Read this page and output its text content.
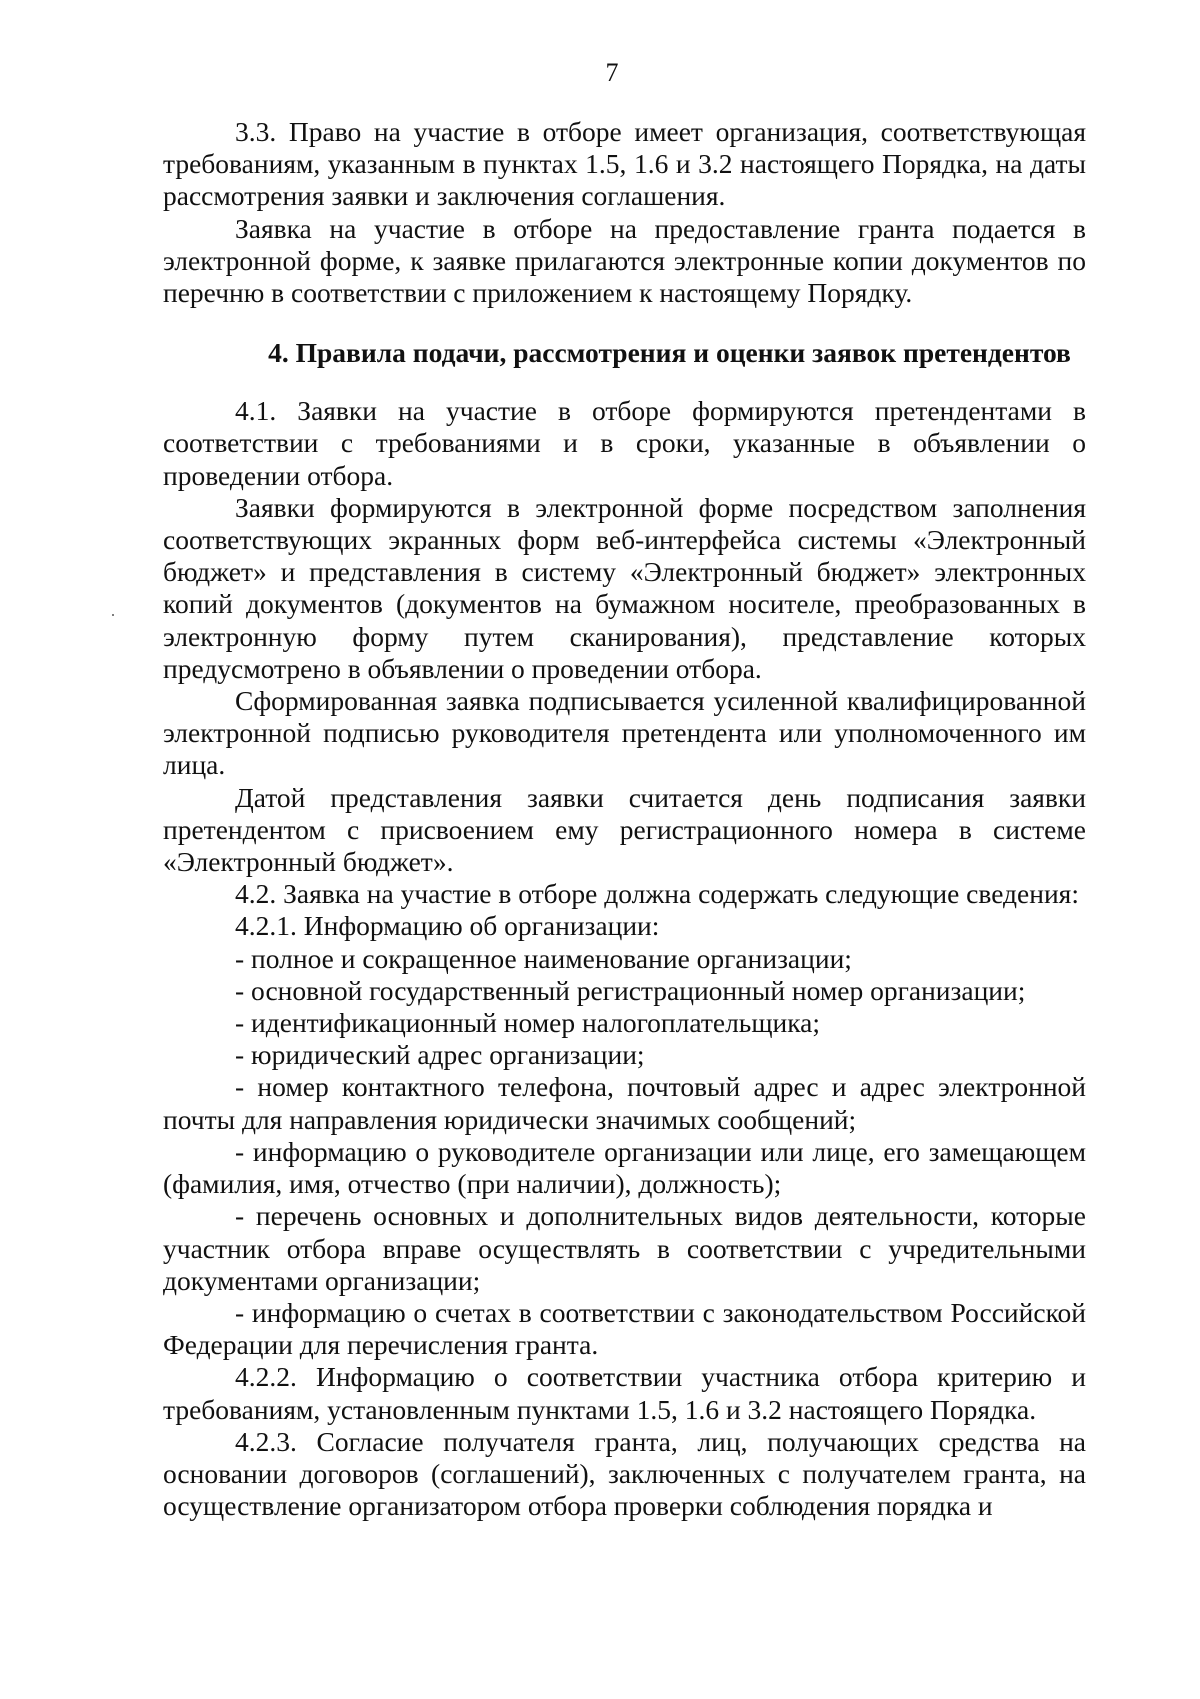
7

3.3. Право на участие в отборе имеет организация, соответствующая требованиям, указанным в пунктах 1.5, 1.6 и 3.2 настоящего Порядка, на даты рассмотрения заявки и заключения соглашения.

Заявка на участие в отборе на предоставление гранта подается в электронной форме, к заявке прилагаются электронные копии документов по перечню в соответствии с приложением к настоящему Порядку.

4. Правила подачи, рассмотрения и оценки заявок претендентов

4.1. Заявки на участие в отборе формируются претендентами в соответствии с требованиями и в сроки, указанные в объявлении о проведении отбора.

Заявки формируются в электронной форме посредством заполнения соответствующих экранных форм веб-интерфейса системы «Электронный бюджет» и представления в систему «Электронный бюджет» электронных копий документов (документов на бумажном носителе, преобразованных в электронную форму путем сканирования), представление которых предусмотрено в объявлении о проведении отбора.

Сформированная заявка подписывается усиленной квалифицированной электронной подписью руководителя претендента или уполномоченного им лица.

Датой представления заявки считается день подписания заявки претендентом с присвоением ему регистрационного номера в системе «Электронный бюджет».

4.2. Заявка на участие в отборе должна содержать следующие сведения:

4.2.1. Информацию об организации:

- полное и сокращенное наименование организации;

- основной государственный регистрационный номер организации;

- идентификационный номер налогоплательщика;

- юридический адрес организации;

- номер контактного телефона, почтовый адрес и адрес электронной почты для направления юридически значимых сообщений;

- информацию о руководителе организации или лице, его замещающем (фамилия, имя, отчество (при наличии), должность);

- перечень основных и дополнительных видов деятельности, которые участник отбора вправе осуществлять в соответствии с учредительными документами организации;

- информацию о счетах в соответствии с законодательством Российской Федерации для перечисления гранта.

4.2.2. Информацию о соответствии участника отбора критерию и требованиям, установленным пунктами 1.5, 1.6 и 3.2 настоящего Порядка.

4.2.3. Согласие получателя гранта, лиц, получающих средства на основании договоров (соглашений), заключенных с получателем гранта, на осуществление организатором отбора проверки соблюдения порядка и
